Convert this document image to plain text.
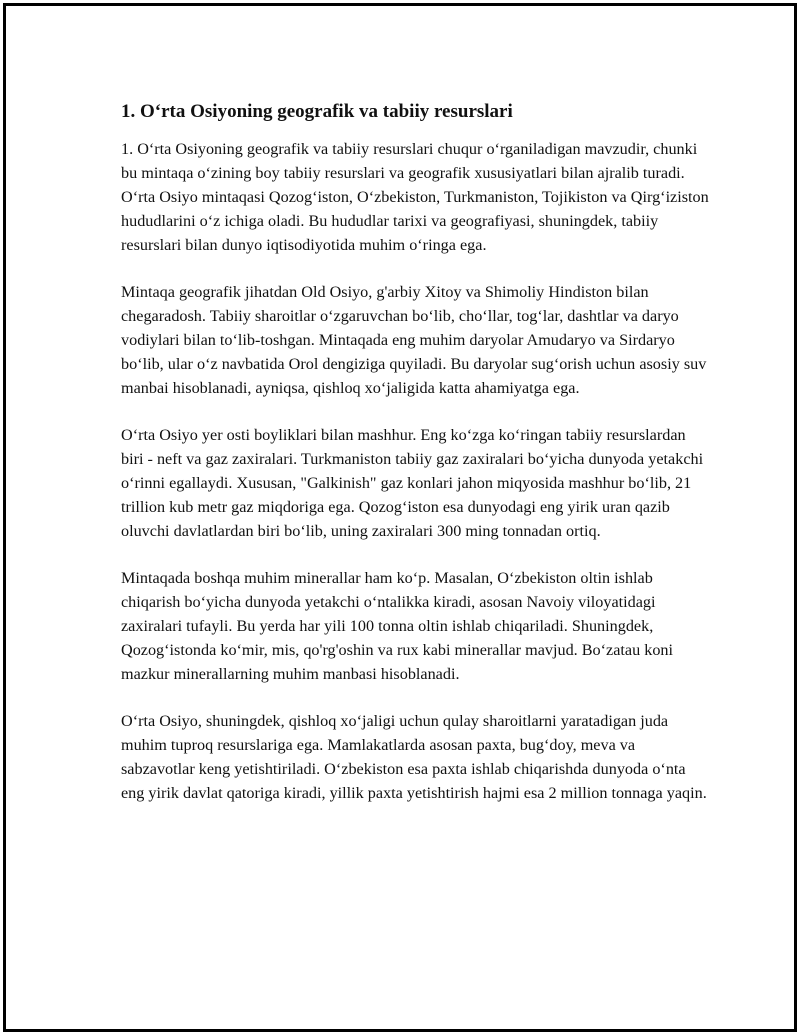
1. O‘rta Osiyoning geografik va tabiiy resurslari

1. O‘rta Osiyoning geografik va tabiiy resurslari chuqur o‘rganiladigan mavzudir, chunki bu mintaqa o‘zining boy tabiiy resurslari va geografik xususiyatlari bilan ajralib turadi. O‘rta Osiyo mintaqasi Qozog‘iston, O‘zbekiston, Turkmaniston, Tojikiston va Qirg‘iziston hududlarini o‘z ichiga oladi. Bu hududlar tarixi va geografiyasi, shuningdek, tabiiy resurslari bilan dunyo iqtisodiyotida muhim o‘ringa ega.

Mintaqa geografik jihatdan Old Osiyo, g'arbiy Xitoy va Shimoliy Hindiston bilan chegaradosh. Tabiiy sharoitlar o‘zgaruvchan bo‘lib, cho‘llar, tog‘lar, dashtlar va daryo vodiylari bilan to‘lib-toshgan. Mintaqada eng muhim daryolar Amudaryo va Sirdaryo bo‘lib, ular o‘z navbatida Orol dengiziga quyiladi. Bu daryolar sug‘orish uchun asosiy suv manbai hisoblanadi, ayniqsa, qishloq xo‘jaligida katta ahamiyatga ega.

O‘rta Osiyo yer osti boyliklari bilan mashhur. Eng ko‘zga ko‘ringan tabiiy resurslardan biri - neft va gaz zaxiralari. Turkmaniston tabiiy gaz zaxiralari bo‘yicha dunyoda yetakchi o‘rinni egallaydi. Xususan, "Galkinish" gaz konlari jahon miqyosida mashhur bo‘lib, 21 trillion kub metr gaz miqdoriga ega. Qozog‘iston esa dunyodagi eng yirik uran qazib oluvchi davlatlardan biri bo‘lib, uning zaxiralari 300 ming tonnadan ortiq.

Mintaqada boshqa muhim minerallar ham ko‘p. Masalan, O‘zbekiston oltin ishlab chiqarish bo‘yicha dunyoda yetakchi o‘ntalikka kiradi, asosan Navoiy viloyatidagi zaxiralari tufayli. Bu yerda har yili 100 tonna oltin ishlab chiqariladi. Shuningdek, Qozog‘istonda ko‘mir, mis, qo'rg'oshin va rux kabi minerallar mavjud. Bo‘zatau koni mazkur minerallarning muhim manbasi hisoblanadi.

O‘rta Osiyo, shuningdek, qishloq xo‘jaligi uchun qulay sharoitlarni yaratadigan juda muhim tuproq resurslariga ega. Mamlakatlarda asosan paxta, bug‘doy, meva va sabzavotlar keng yetishtiriladi. O‘zbekiston esa paxta ishlab chiqarishda dunyoda o‘nta eng yirik davlat qatoriga kiradi, yillik paxta yetishtirish hajmi esa 2 million tonnaga yaqin.
